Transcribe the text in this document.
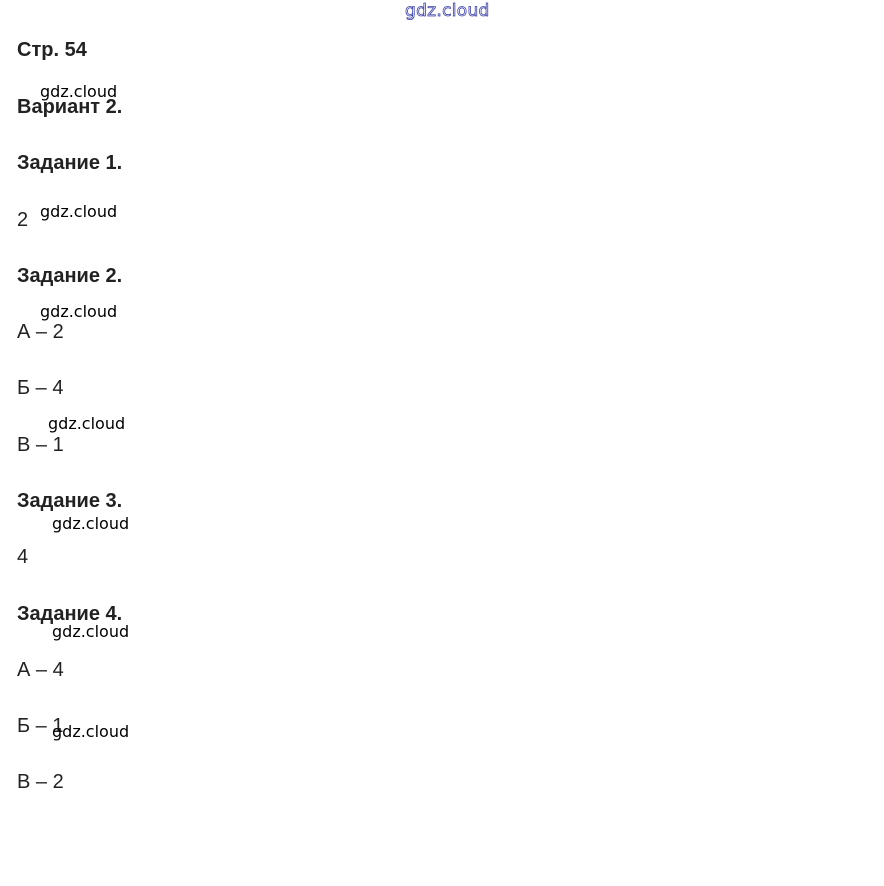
gdz.cloud
Стр. 54
Вариант 2.
Задание 1.
2
Задание 2.
А – 2
Б – 4
В – 1
Задание 3.
4
Задание 4.
А – 4
Б – 1
В – 2
gdz.cloud
gdz.cloud
gdz.cloud
gdz.cloud
gdz.cloud
gdz.cloud
gdz.cloud
